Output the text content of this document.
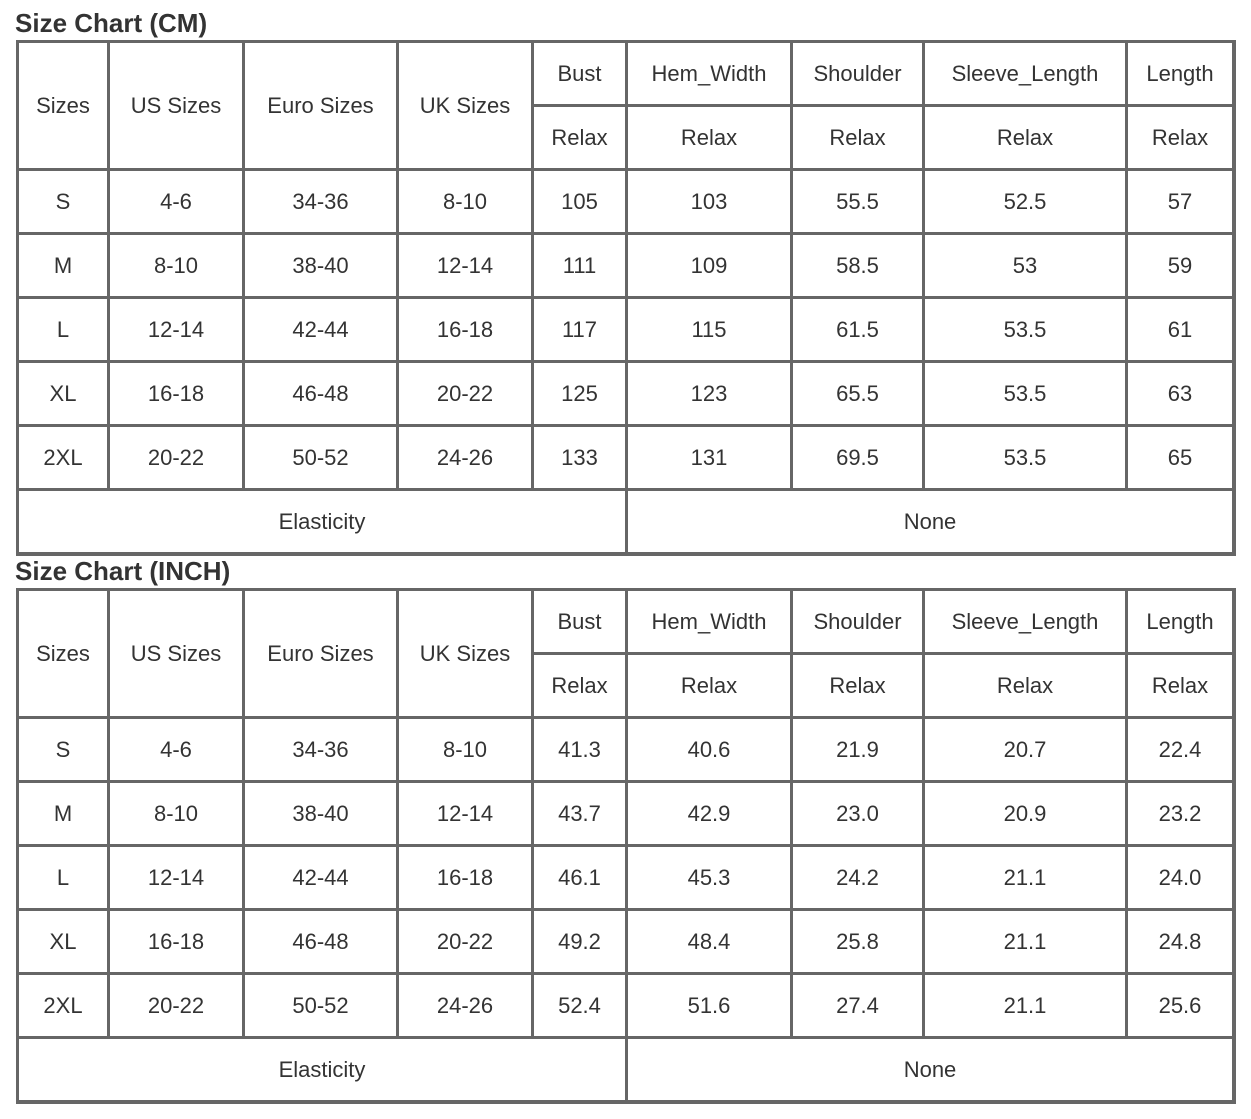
Size Chart (CM)
Sizes	US Sizes	Euro Sizes	UK Sizes	Bust	Hem_Width	Shoulder	Sleeve_Length	Length
				Relax	Relax	Relax	Relax	Relax
S	4-6	34-36	8-10	105	103	55.5	52.5	57
M	8-10	38-40	12-14	111	109	58.5	53	59
L	12-14	42-44	16-18	117	115	61.5	53.5	61
XL	16-18	46-48	20-22	125	123	65.5	53.5	63
2XL	20-22	50-52	24-26	133	131	69.5	53.5	65
Elasticity					None			
Size Chart (INCH)
Sizes	US Sizes	Euro Sizes	UK Sizes	Bust	Hem_Width	Shoulder	Sleeve_Length	Length
				Relax	Relax	Relax	Relax	Relax
S	4-6	34-36	8-10	41.3	40.6	21.9	20.7	22.4
M	8-10	38-40	12-14	43.7	42.9	23.0	20.9	23.2
L	12-14	42-44	16-18	46.1	45.3	24.2	21.1	24.0
XL	16-18	46-48	20-22	49.2	48.4	25.8	21.1	24.8
2XL	20-22	50-52	24-26	52.4	51.6	27.4	21.1	25.6
Elasticity					None			
